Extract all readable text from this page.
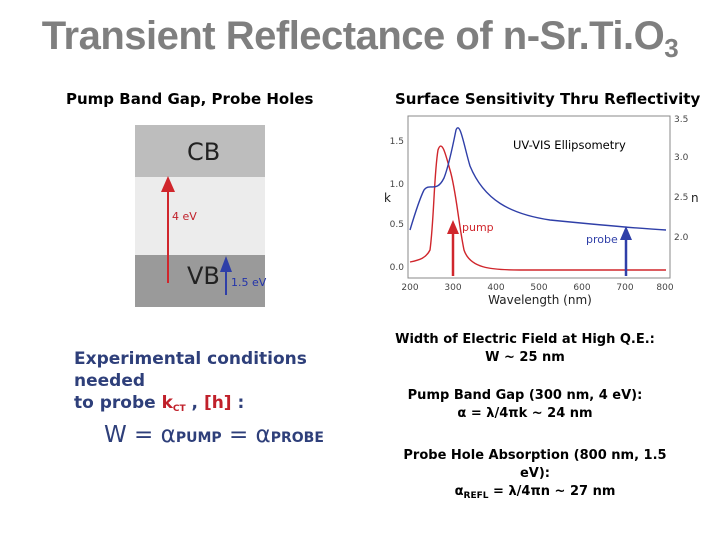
Transient Reflectance of $n-Sr.Ti.O_3$
Pump Band Gap, Probe Holes	Surface Sensitivity Thru Reflectivity
CB
VB
4 eV
1.5 eV
0.0
0.5
1.0
1.5
2.0
2.5
3.0
3.5
k	n
200	300	400	500	600	700	800
Wavelength (nm)
pump
probe
UV-VIS Ellipsometry
Experimental conditions needed
to probe $k_{CT}$ , [h] :
W = αPUMP = αPROBE
Width of Electric Field at High Q.E.:
W ~ 25 nm
Pump Band Gap (300 nm, 4 eV):
α = λ/4πk ~ 24 nm
Probe Hole Absorption (800 nm, 1.5 eV):
$\alpha_{REFL} = \lambda/4\pi n$ ~ 27 nm
